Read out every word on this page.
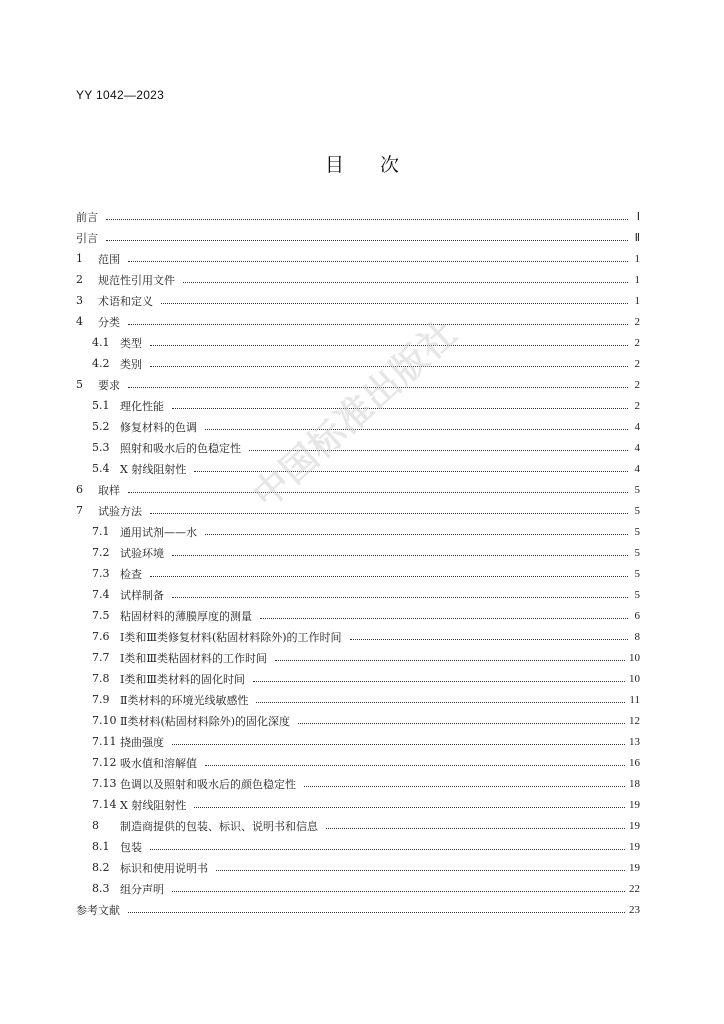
YY 1042—2023
目 次
前言	Ⅰ
引言	Ⅱ
1	范围	1
2	规范性引用文件	1
3	术语和定义	1
4	分类	2
4.1 类型	2
4.2 类别	2
5	要求	2
5.1 理化性能	2
5.2 修复材料的色调	4
5.3 照射和吸水后的色稳定性	4
5.4 X 射线阻射性	4
6	取样	5
7	试验方法	5
7.1 通用试剂——水	5
7.2 试验环境	5
7.3 检查	5
7.4 试样制备	5
7.5 粘固材料的薄膜厚度的测量	6
7.6 Ⅰ类和Ⅲ类修复材料(粘固材料除外)的工作时间	8
7.7 Ⅰ类和Ⅲ类粘固材料的工作时间	10
7.8 Ⅰ类和Ⅲ类材料的固化时间	10
7.9 Ⅱ类材料的环境光线敏感性	11
7.10 Ⅱ类材料(粘固材料除外)的固化深度	12
7.11 挠曲强度	13
7.12 吸水值和溶解值	16
7.13 色调以及照射和吸水后的颜色稳定性	18
7.14 X 射线阻射性	19
8	制造商提供的包装、标识、说明书和信息	19
8.1 包装	19
8.2 标识和使用说明书	19
8.3 组分声明	22
参考文献	23
中国标准出版社
